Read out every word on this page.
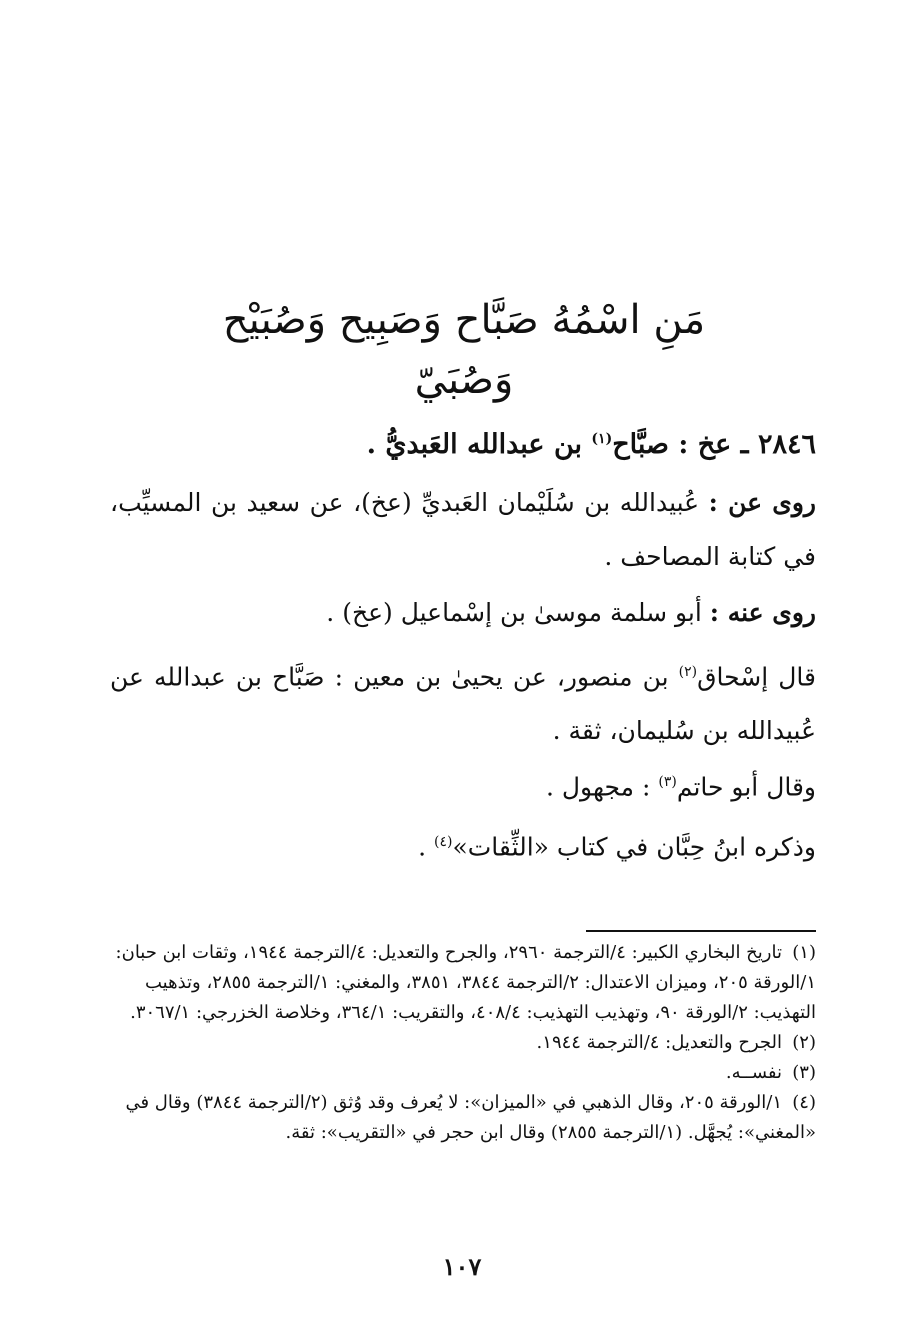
مَنِ اسْمُهُ صَبَّاح وَصَبِيح وَصُبَيْح وَصُبَيّ
٢٨٤٦ ـ عخ : صبَّاح$^{(١)}$ بن عبدالله العَبديُّ .
روى عن : عُبيدالله بن سُلَيْمان العَبديِّ (عخ)، عن سعيد بن المسيِّب، في كتابة المصاحف .
روى عنه : أبو سلمة موسىٰ بن إسْماعيل (عخ) .
قال إسْحاق$^{(٢)}$ بن منصور، عن يحيىٰ بن معين : صَبَّاح بن عبدالله عن عُبيدالله بن سُليمان، ثقة .
وقال أبو حاتم$^{(٣)}$ : مجهول .
وذكره ابنُ حِبَّان في كتاب «الثِّقات»$^{(٤)}$ .

(١)تاريخ البخاري الكبير: ٤/الترجمة ٢٩٦٠، والجرح والتعديل: ٤/الترجمة ١٩٤٤، وثقات ابن حبان: ١/الورقة ٢٠٥، وميزان الاعتدال: ٢/الترجمة ٣٨٤٤، ٣٨٥١، والمغني: ١/الترجمة ٢٨٥٥، وتذهيب التهذيب: ٢/الورقة ٩٠، وتهذيب التهذيب: ٤٠٨/٤، والتقريب: ٣٦٤/١، وخلاصة الخزرجي: ٣٠٦٧/١.

(٢)الجرح والتعديل: ٤/الترجمة ١٩٤٤.

(٣)نفســه.

(٤)١/الورقة ٢٠٥، وقال الذهبي في «الميزان»: لا يُعرف وقد وُثق (٢/الترجمة ٣٨٤٤) وقال في «المغني»: يُجهَّل. (١/الترجمة ٢٨٥٥) وقال ابن حجر في «التقريب»: ثقة.

١٠٧
